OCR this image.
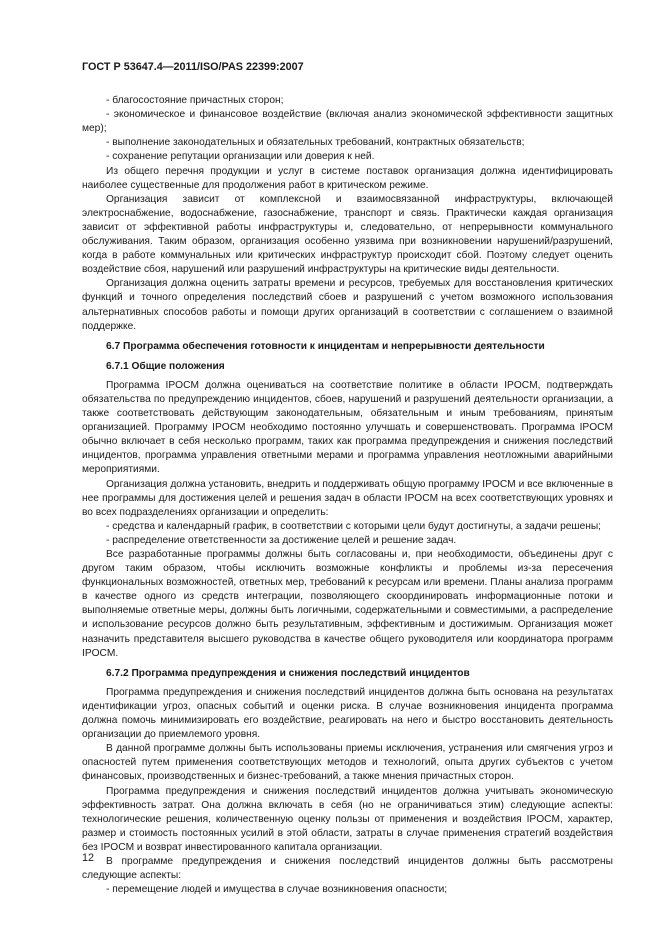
ГОСТ Р 53647.4—2011/ISO/PAS 22399:2007
- благосостояние причастных сторон;
- экономическое и финансовое воздействие (включая анализ экономической эффективности защитных мер);
- выполнение законодательных и обязательных требований, контрактных обязательств;
- сохранение репутации организации или доверия к ней.
Из общего перечня продукции и услуг в системе поставок организация должна идентифицировать наиболее существенные для продолжения работ в критическом режиме.
Организация зависит от комплексной и взаимосвязанной инфраструктуры, включающей электроснабжение, водоснабжение, газоснабжение, транспорт и связь. Практически каждая организация зависит от эффективной работы инфраструктуры и, следовательно, от непрерывности коммунального обслуживания. Таким образом, организация особенно уязвима при возникновении нарушений/разрушений, когда в работе коммунальных или критических инфраструктур происходит сбой. Поэтому следует оценить воздействие сбоя, нарушений или разрушений инфраструктуры на критические виды деятельности.
Организация должна оценить затраты времени и ресурсов, требуемых для восстановления критических функций и точного определения последствий сбоев и разрушений с учетом возможного использования альтернативных способов работы и помощи других организаций в соответствии с соглашением о взаимной поддержке.
6.7 Программа обеспечения готовности к инцидентам и непрерывности деятельности
6.7.1 Общие положения
Программа IPOCM должна оцениваться на соответствие политике в области IPOCM, подтверждать обязательства по предупреждению инцидентов, сбоев, нарушений и разрушений деятельности организации, а также соответствовать действующим законодательным, обязательным и иным требованиям, принятым организацией. Программу IPOCM необходимо постоянно улучшать и совершенствовать. Программа IPOCM обычно включает в себя несколько программ, таких как программа предупреждения и снижения последствий инцидентов, программа управления ответными мерами и программа управления неотложными аварийными мероприятиями.
Организация должна установить, внедрить и поддерживать общую программу IPOCM и все включенные в нее программы для достижения целей и решения задач в области IPOCM на всех соответствующих уровнях и во всех подразделениях организации и определить:
- средства и календарный график, в соответствии с которыми цели будут достигнуты, а задачи решены;
- распределение ответственности за достижение целей и решение задач.
Все разработанные программы должны быть согласованы и, при необходимости, объединены друг с другом таким образом, чтобы исключить возможные конфликты и проблемы из-за пересечения функциональных возможностей, ответных мер, требований к ресурсам или времени. Планы анализа программ в качестве одного из средств интеграции, позволяющего скоординировать информационные потоки и выполняемые ответные меры, должны быть логичными, содержательными и совместимыми, а распределение и использование ресурсов должно быть результативным, эффективным и достижимым. Организация может назначить представителя высшего руководства в качестве общего руководителя или координатора программ IPOCM.
6.7.2 Программа предупреждения и снижения последствий инцидентов
Программа предупреждения и снижения последствий инцидентов должна быть основана на результатах идентификации угроз, опасных событий и оценки риска. В случае возникновения инцидента программа должна помочь минимизировать его воздействие, реагировать на него и быстро восстановить деятельность организации до приемлемого уровня.
В данной программе должны быть использованы приемы исключения, устранения или смягчения угроз и опасностей путем применения соответствующих методов и технологий, опыта других субъектов с учетом финансовых, производственных и бизнес-требований, а также мнения причастных сторон.
Программа предупреждения и снижения последствий инцидентов должна учитывать экономическую эффективность затрат. Она должна включать в себя (но не ограничиваться этим) следующие аспекты: технологические решения, количественную оценку пользы от применения и воздействия IPOCM, характер, размер и стоимость постоянных усилий в этой области, затраты в случае применения стратегий воздействия без IPOCM и возврат инвестированного капитала организации.
В программе предупреждения и снижения последствий инцидентов должны быть рассмотрены следующие аспекты:
- перемещение людей и имущества в случае возникновения опасности;
12
